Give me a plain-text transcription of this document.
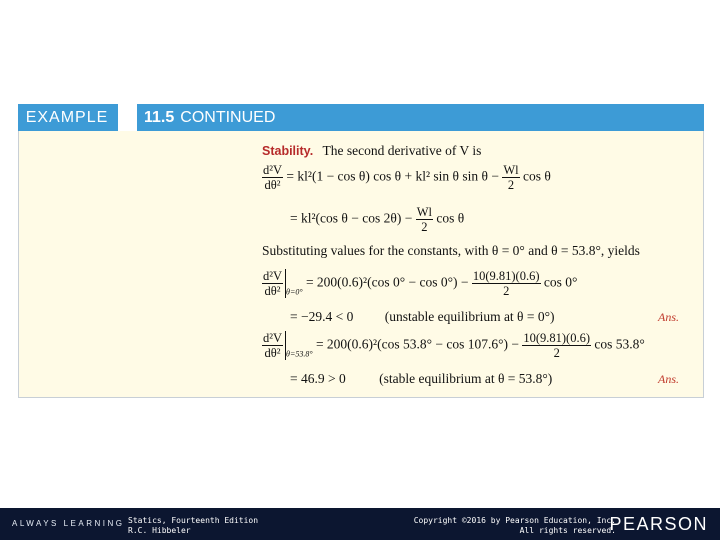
EXAMPLE	11.5 CONTINUED
Stability. The second derivative of V is
$\frac{\text{d²V}}{\text{dθ²}} = kl^2(1 - \cos \theta)$ cos θ + kl² sin θ $\sin \theta - \frac{Wl}{2}$ cos θ
= kl²(cos $\theta - \cos 2\theta) - \frac{Wl}{2}$ cos θ
Substituting values for the constants, with θ = 0° and θ = 53.8°, yields
$\frac{\text{d²V}}{\text{dθ²}} _{\theta=0^\circ} = 200(0.6)^2(\cos$ $0^\circ - \cos 0^\circ) - \frac{10(9.81)(0.6)}{2}$ cos 0°
= −29.4 < 0 (unstable equilibrium at θ = 0°)	Ans.
$\frac{\text{d²V}}{\text{dθ²}} _{\theta=53.8^\circ} = 200(0.6)^2(\cos$ $53.8^\circ - \cos 107.6^\circ) - \frac{10(9.81)(0.6)}{2}$ cos 53.8°
= 46.9 > 0 (stable equilibrium at θ = 53.8°)	Ans.
ALWAYS LEARNING Statics, Fourteenth Edition
R.C. Hibbeler
Copyright ©2016 by Pearson Education, Inc.
All rights reserved.
PEARSON
